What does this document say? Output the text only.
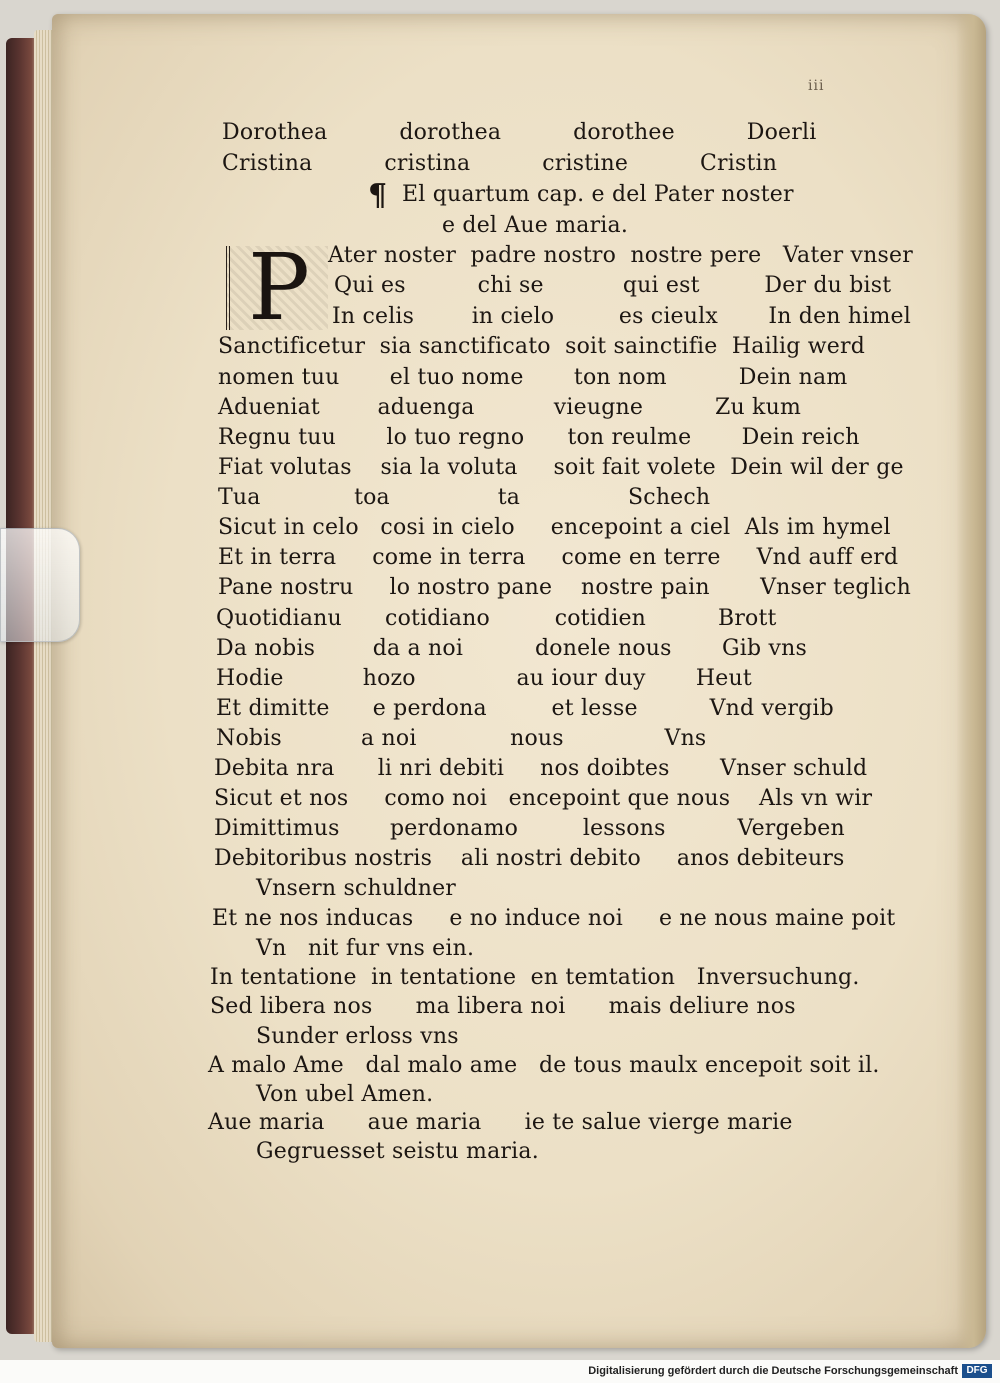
iii
P

Dorothea          dorothea          dorothee          Doerli

Cristina          cristina          cristine          Cristin

¶ El quartum cap. e del Pater noster

e del Aue maria.

Ater noster  padre nostro  nostre pere   Vater vnser

Qui es          chi se           qui est         Der du bist

In celis        in cielo         es cieulx       In den himel

Sanctificetur  sia sanctificato  soit sainctifie  Hailig werd

nomen tuu       el tuo nome       ton nom          Dein nam

Adueniat        aduenga           vieugne          Zu kum

Regnu tuu       lo tuo regno      ton reulme       Dein reich

Fiat volutas    sia la voluta     soit fait volete  Dein wil der ge

Tua             toa               ta               Schech

Sicut in celo   cosi in cielo     encepoint a ciel  Als im hymel

Et in terra     come in terra     come en terre     Vnd auff erd

Pane nostru     lo nostro pane    nostre pain       Vnser teglich

Quotidianu      cotidiano         cotidien          Brott

Da nobis        da a noi          donele nous       Gib vns

Hodie           hozo              au iour duy       Heut

Et dimitte      e perdona         et lesse          Vnd vergib

Nobis           a noi             nous              Vns

Debita nra      li nri debiti     nos doibtes       Vnser schuld

Sicut et nos     como noi   encepoint que nous    Als vn wir

Dimittimus       perdonamo         lessons          Vergeben

Debitoribus nostris    ali nostri debito     anos debiteurs

Vnsern schuldner

Et ne nos inducas     e no induce noi     e ne nous maine poit

Vn   nit fur vns ein.

In tentatione  in tentatione  en temtation   Inversuchung.

Sed libera nos      ma libera noi      mais deliure nos

Sunder erloss vns

A malo Ame   dal malo ame   de tous maulx encepoit soit il.

Von ubel Amen.

Aue maria      aue maria      ie te salue vierge marie

Gegruesset seistu maria.

Digitalisierung gefördert durch die Deutsche Forschungsgemeinschaft DFG
